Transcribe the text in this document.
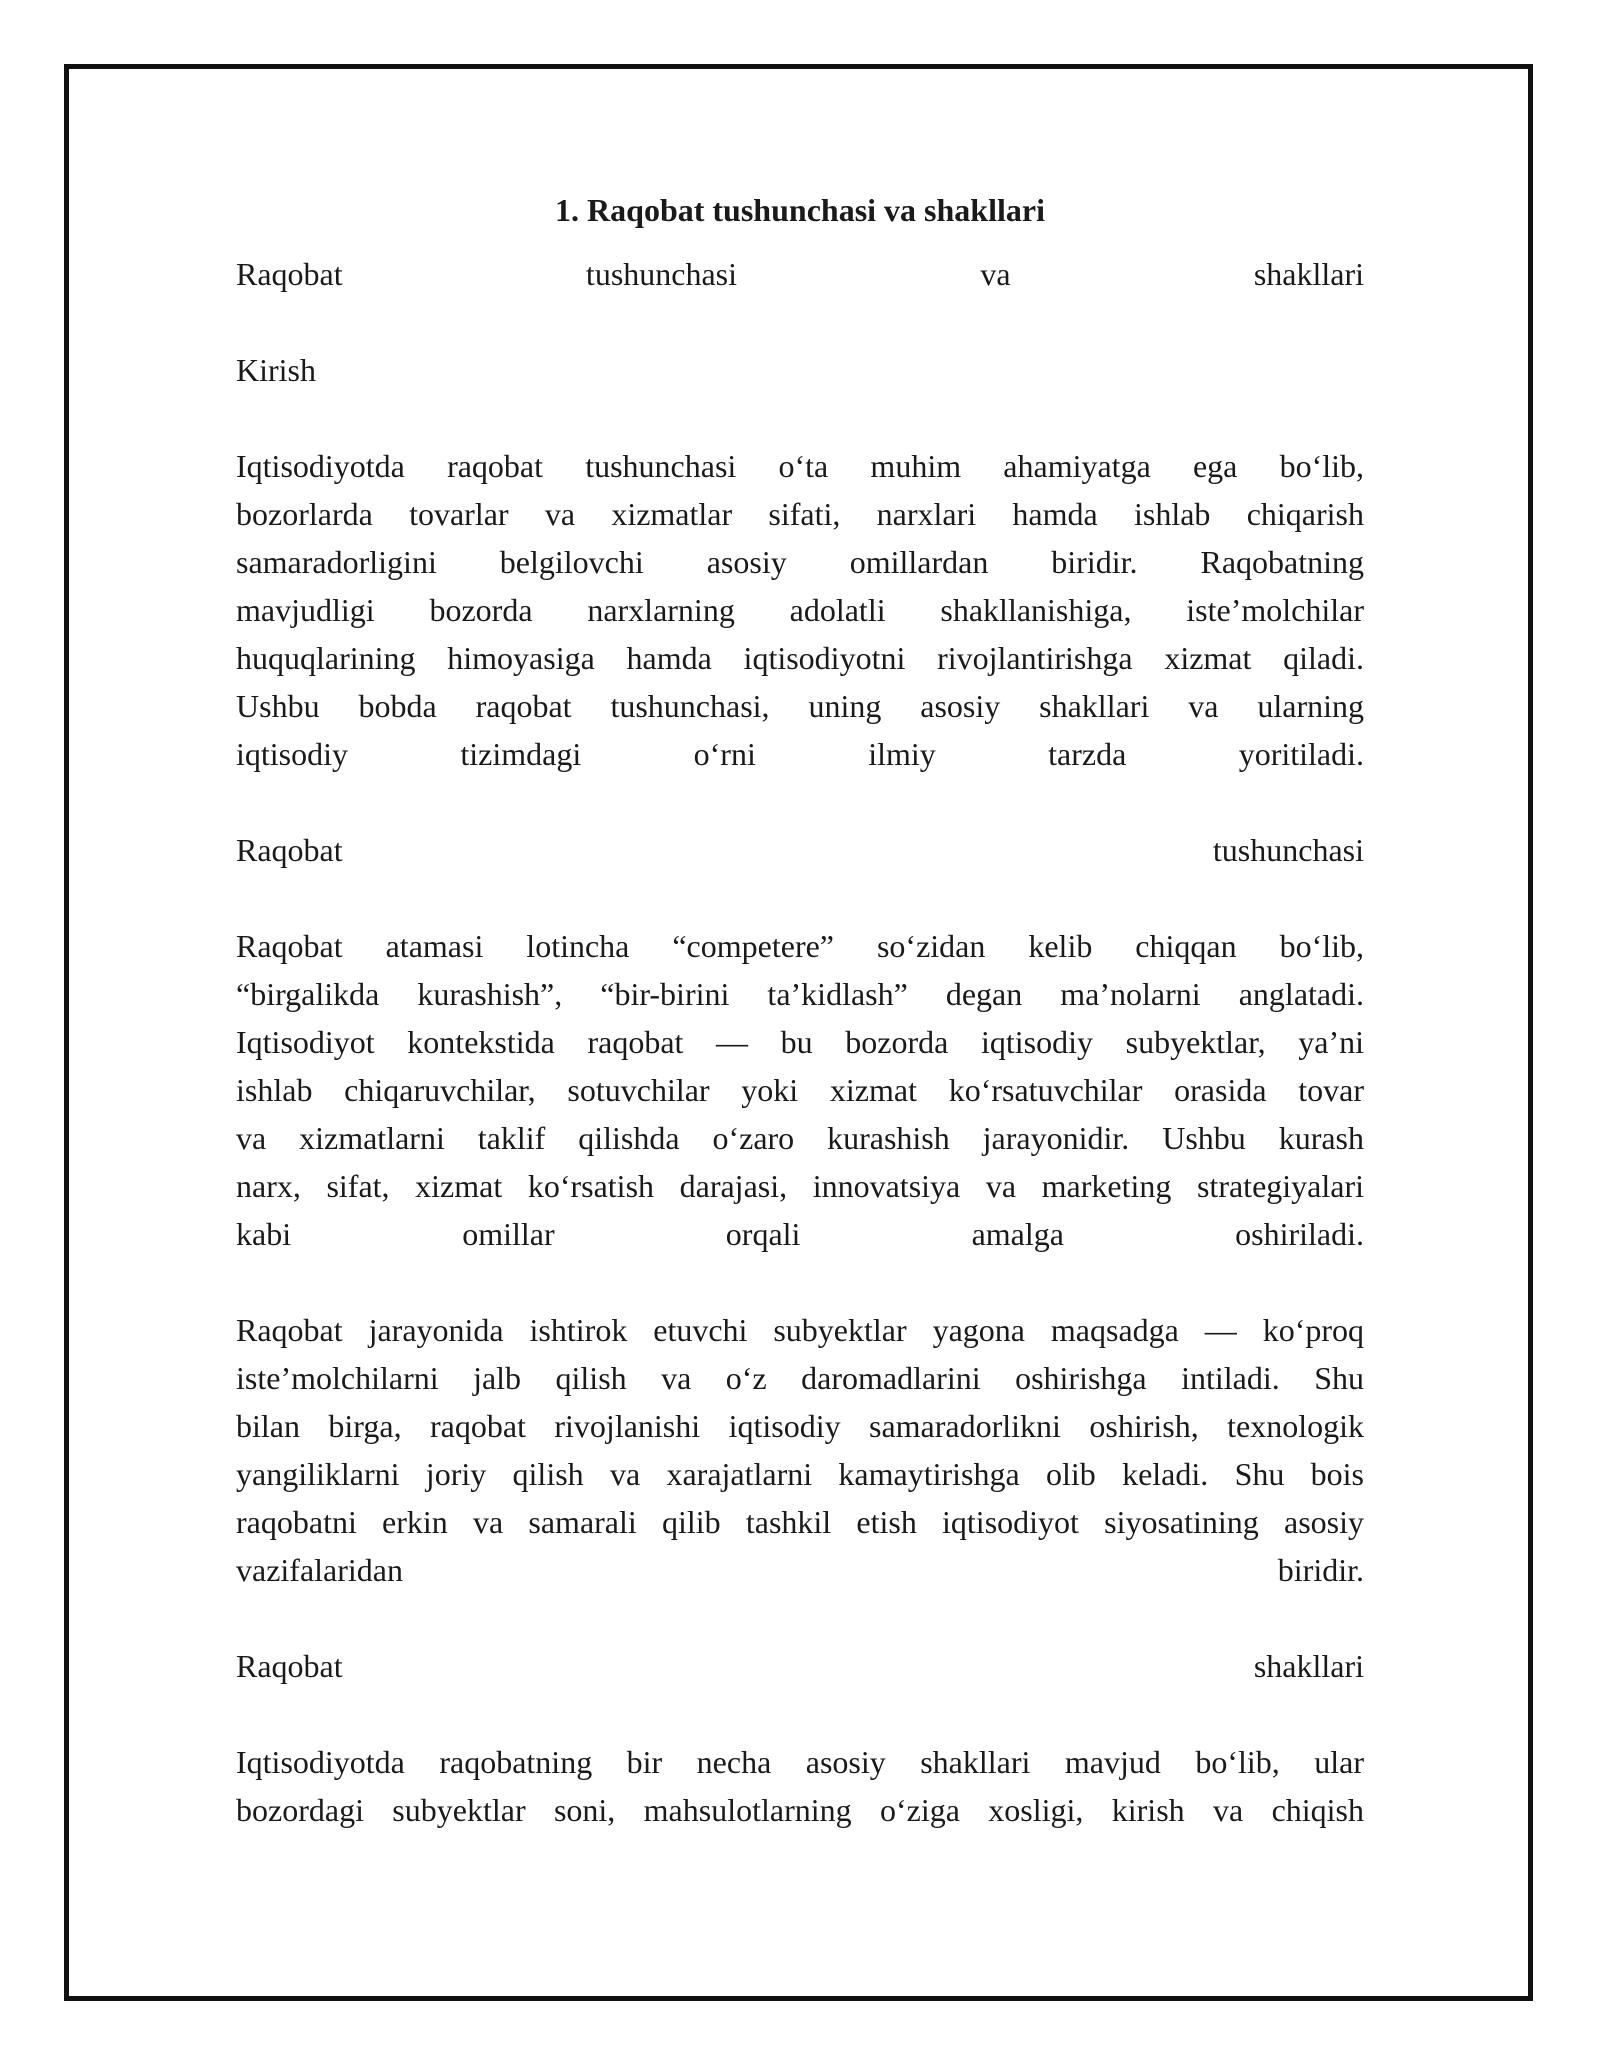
1. Raqobat tushunchasi va shakllari

Raqobat tushunchasi va shakllari

Kirish

Iqtisodiyotda raqobat tushunchasi o‘ta muhim ahamiyatga ega bo‘lib,

bozorlarda tovarlar va xizmatlar sifati, narxlari hamda ishlab chiqarish

samaradorligini belgilovchi asosiy omillardan biridir. Raqobatning

mavjudligi bozorda narxlarning adolatli shakllanishiga, iste’molchilar

huquqlarining himoyasiga hamda iqtisodiyotni rivojlantirishga xizmat qiladi.

Ushbu bobda raqobat tushunchasi, uning asosiy shakllari va ularning

iqtisodiy tizimdagi o‘rni ilmiy tarzda yoritiladi.

Raqobat tushunchasi

Raqobat atamasi lotincha “competere” so‘zidan kelib chiqqan bo‘lib,

“birgalikda kurashish”, “bir-birini ta’kidlash” degan ma’nolarni anglatadi.

Iqtisodiyot kontekstida raqobat — bu bozorda iqtisodiy subyektlar, ya’ni

ishlab chiqaruvchilar, sotuvchilar yoki xizmat ko‘rsatuvchilar orasida tovar

va xizmatlarni taklif qilishda o‘zaro kurashish jarayonidir. Ushbu kurash

narx, sifat, xizmat ko‘rsatish darajasi, innovatsiya va marketing strategiyalari

kabi omillar orqali amalga oshiriladi.

Raqobat jarayonida ishtirok etuvchi subyektlar yagona maqsadga — ko‘proq

iste’molchilarni jalb qilish va o‘z daromadlarini oshirishga intiladi. Shu

bilan birga, raqobat rivojlanishi iqtisodiy samaradorlikni oshirish, texnologik

yangiliklarni joriy qilish va xarajatlarni kamaytirishga olib keladi. Shu bois

raqobatni erkin va samarali qilib tashkil etish iqtisodiyot siyosatining asosiy

vazifalaridan biridir.

Raqobat shakllari

Iqtisodiyotda raqobatning bir necha asosiy shakllari mavjud bo‘lib, ular

bozordagi subyektlar soni, mahsulotlarning o‘ziga xosligi, kirish va chiqish
